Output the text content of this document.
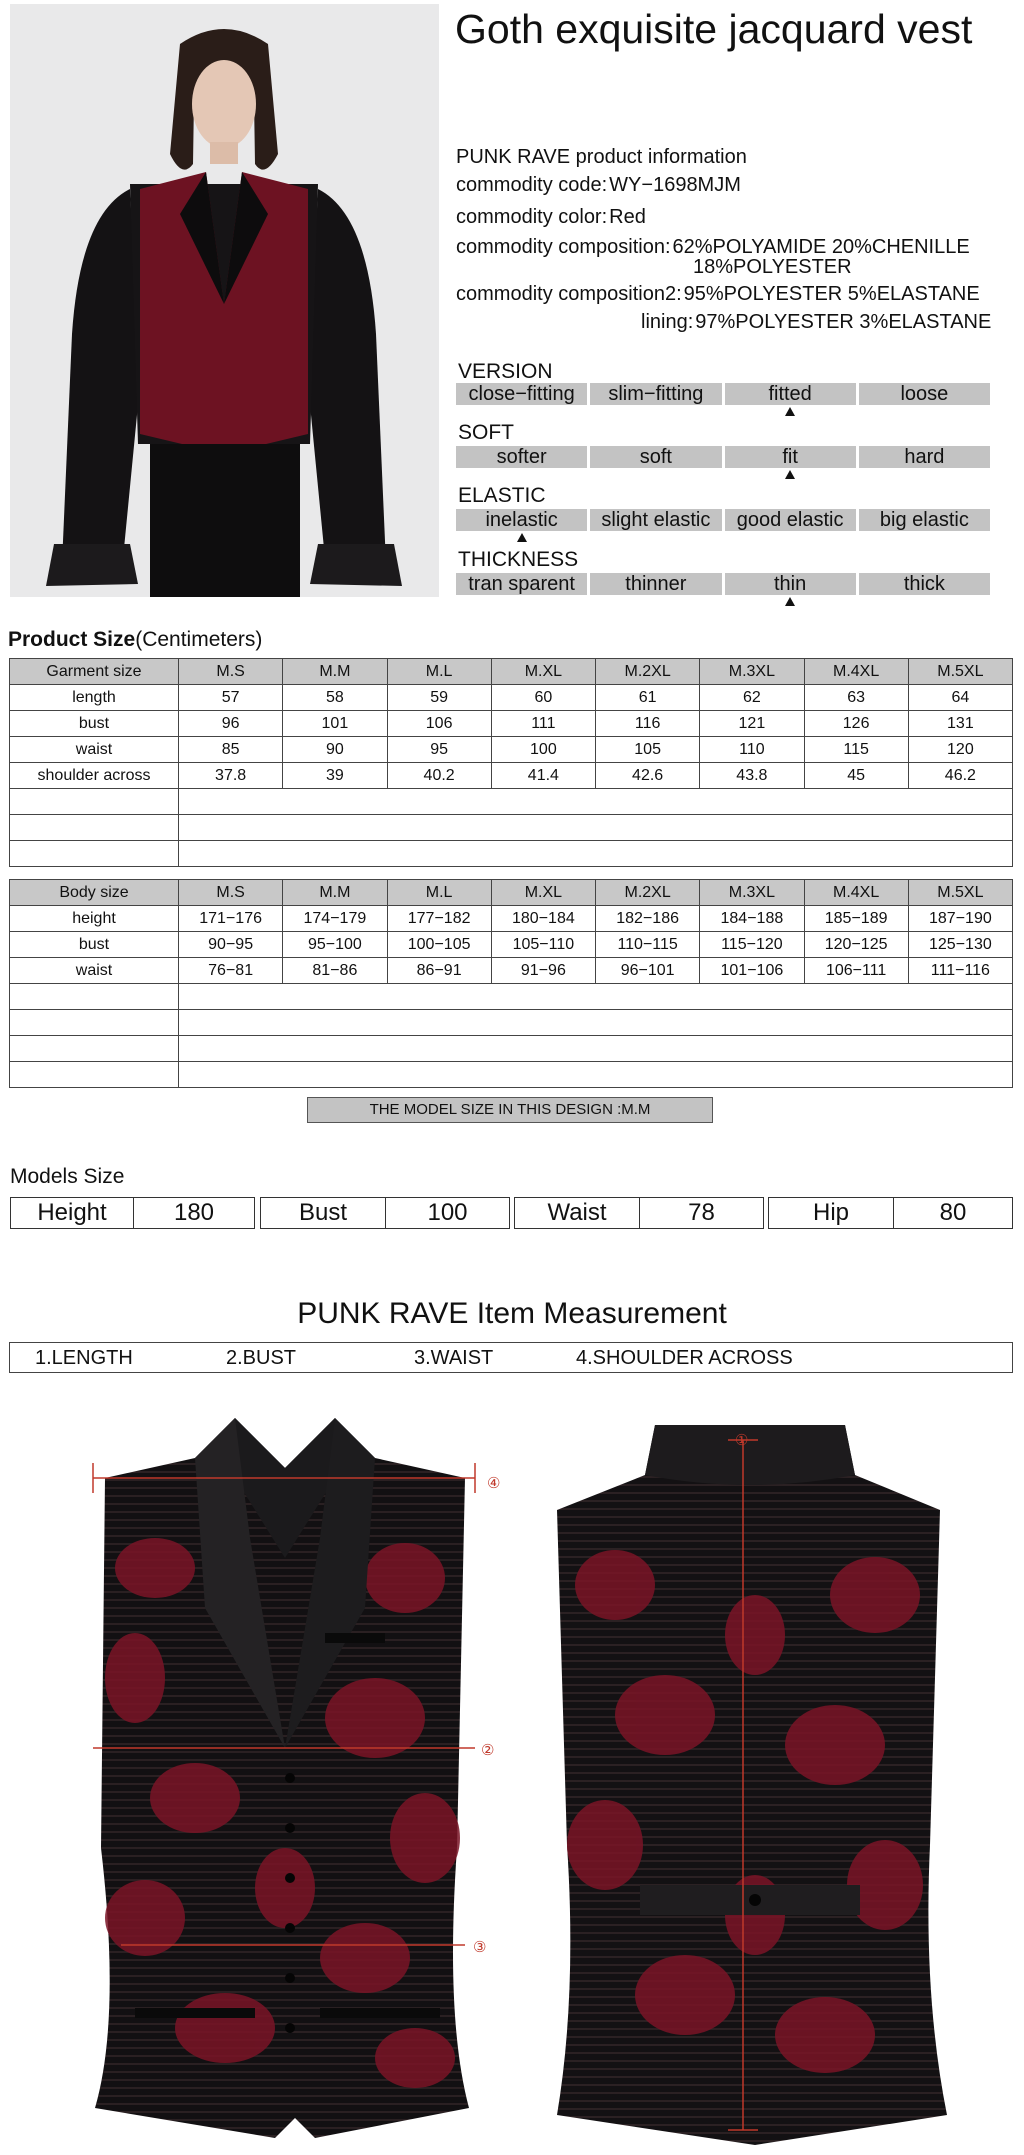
Goth exquisite jacquard vest
PUNK RAVE product information
commodity code: WY−1698MJM
commodity color: Red
commodity composition: 62%POLYAMIDE 20%CHENILLE
18%POLYESTER
commodity composition2: 95%POLYESTER 5%ELASTANE
lining: 97%POLYESTER 3%ELASTANE
VERSION
close−fitting	slim−fitting	fitted	loose
SOFT
softer	soft	fit	hard
ELASTIC
inelastic	slight elastic	good elastic	big elastic
THICKNESS
tran sparent	thinner	thin	thick
Product Size(Centimeters)
Garment size	M.S	M.M	M.L	M.XL	M.2XL	M.3XL	M.4XL	M.5XL
length	57	58	59	60	61	62	63	64
bust	96	101	106	111	116	121	126	131
waist	85	90	95	100	105	110	115	120
shoulder across	37.8	39	40.2	41.4	42.6	43.8	45	46.2

Body size	M.S	M.M	M.L	M.XL	M.2XL	M.3XL	M.4XL	M.5XL
height	171−176	174−179	177−182	180−184	182−186	184−188	185−189	187−190
bust	90−95	95−100	100−105	105−110	110−115	115−120	120−125	125−130
waist	76−81	81−86	86−91	91−96	96−101	101−106	106−111	111−116

THE MODEL SIZE IN THIS DESIGN :M.M
Models Size
Height	180	Bust	100	Waist	78	Hip	80
PUNK RAVE Item Measurement
1.LENGTH	2.BUST	3.WAIST	4.SHOULDER ACROSS
④
②
③
①
